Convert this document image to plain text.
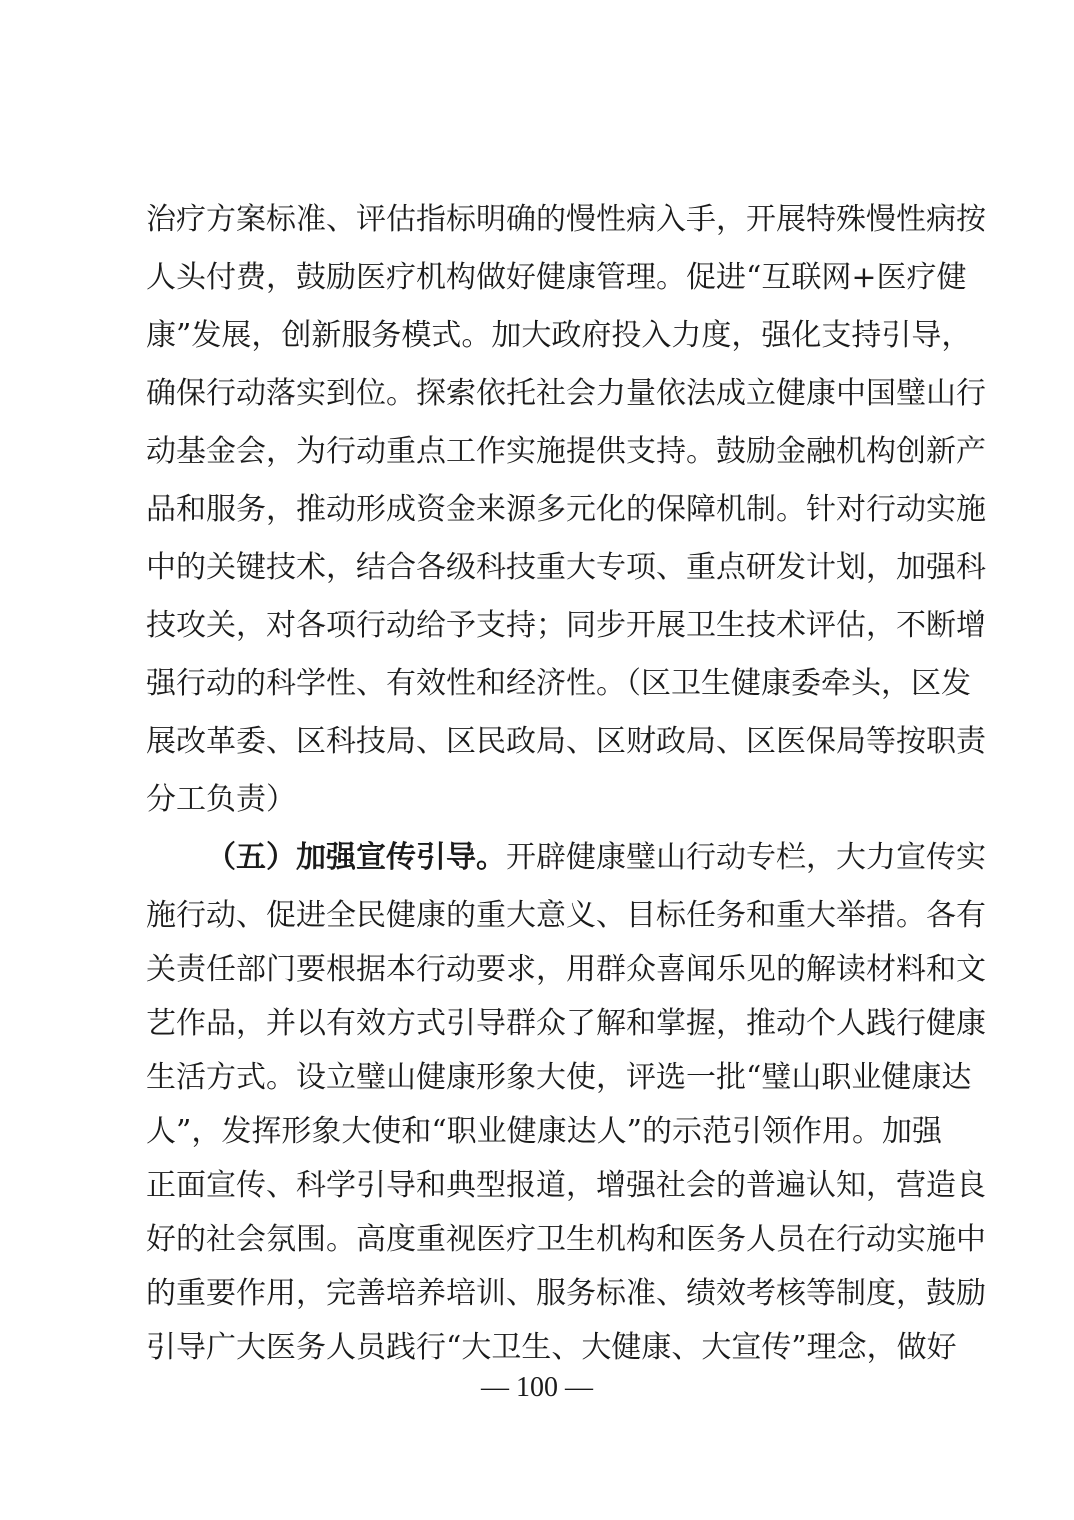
治疗方案标准、评估指标明确的慢性病入手，开展特殊慢性病按
人头付费，鼓励医疗机构做好健康管理。促进“互联网+医疗健
康”发展，创新服务模式。加大政府投入力度，强化支持引导，
确保行动落实到位。探索依托社会力量依法成立健康中国璧山行
动基金会，为行动重点工作实施提供支持。鼓励金融机构创新产
品和服务，推动形成资金来源多元化的保障机制。针对行动实施
中的关键技术，结合各级科技重大专项、重点研发计划，加强科
技攻关，对各项行动给予支持；同步开展卫生技术评估，不断增
强行动的科学性、有效性和经济性。（区卫生健康委牵头，区发
展改革委、区科技局、区民政局、区财政局、区医保局等按职责
分工负责）
（五）加强宣传引导。开辟健康璧山行动专栏，大力宣传实
施行动、促进全民健康的重大意义、目标任务和重大举措。各有
关责任部门要根据本行动要求，用群众喜闻乐见的解读材料和文
艺作品，并以有效方式引导群众了解和掌握，推动个人践行健康
生活方式。设立璧山健康形象大使，评选一批“璧山职业健康达
人”，发挥形象大使和“职业健康达人”的示范引领作用。加强
正面宣传、科学引导和典型报道，增强社会的普遍认知，营造良
好的社会氛围。高度重视医疗卫生机构和医务人员在行动实施中
的重要作用，完善培养培训、服务标准、绩效考核等制度，鼓励
— 100 —
引导广大医务人员践行“大卫生、大健康、大宣传”理念，做好
